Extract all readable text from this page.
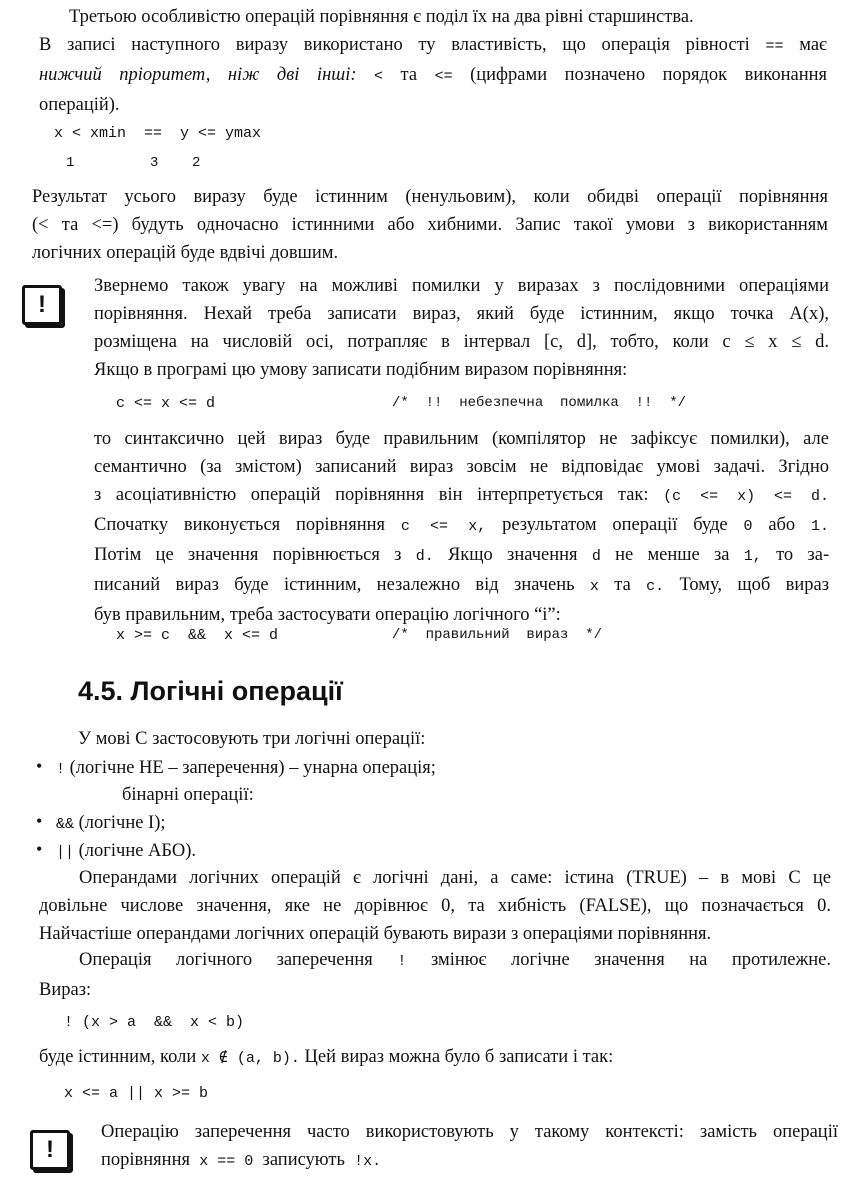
Третьою особливістю операцій порівняння є поділ їх на два рівні старшинства.
В записі наступного виразу використано ту властивість, що операція рівності == має
нижчий пріоритет, ніж дві інші: < та <= (цифрами позначено порядок виконання
операцій).
x < xmin  ==  y <= ymax
1         3    2
Результат усього виразу буде істинним (ненульовим), коли обидві операції порівняння
(< та <=) будуть одночасно істинними або хибними. Запис такої умови з використанням
логічних операцій буде вдвічі довшим.
!
Звернемо також увагу на можливі помилки у виразах з послідовними операціями
порівняння. Нехай треба записати вираз, який буде істинним, якщо точка A(x),
розміщена на числовій осі, потрапляє в інтервал [c, d], тобто, коли c ≤ x ≤ d.
Якщо в програмі цю умову записати подібним виразом порівняння:
c <= x <= d	/*  !!  небезпечна  помилка  !!  */
то синтаксично цей вираз буде правильним (компілятор не зафіксує помилки), але
семантично (за змістом) записаний вираз зовсім не відповідає умові задачі. Згідно
з асоціативністю операцій порівняння він інтерпретується так: (c <= x) <= d.
Спочатку виконується порівняння c <= x, результатом операції буде 0 або 1.
Потім це значення порівнюється з d. Якщо значення d не менше за 1, то за-
писаний вираз буде істинним, незалежно від значень x та c. Тому, щоб вираз
був правильним, треба застосувати операцію логічного “і”:
x >= c  &&  x <= d	/*  правильний  вираз  */
4.5. Логічні операції
У мові С застосовують три логічні операції:
• ! (логічне НЕ – заперечення) – унарна операція;
бінарні операції:
• && (логічне І);
• || (логічне АБО).
Операндами логічних операцій є логічні дані, а саме: істина (TRUE) – в мові С це
довільне числове значення, яке не дорівнює 0, та хибність (FALSE), що позначається 0.
Найчастіше операндами логічних операцій бувають вирази з операціями порівняння.
Операція логічного заперечення ! змінює логічне значення на протилежне.
Вираз:
! (x > a  &&  x < b)
буде істинним, коли x ∉ (a, b). Цей вираз можна було б записати і так:
x <= a || x >= b
!
Операцію заперечення часто використовують у такому контексті: замість операції
порівняння x == 0 записують !x.
